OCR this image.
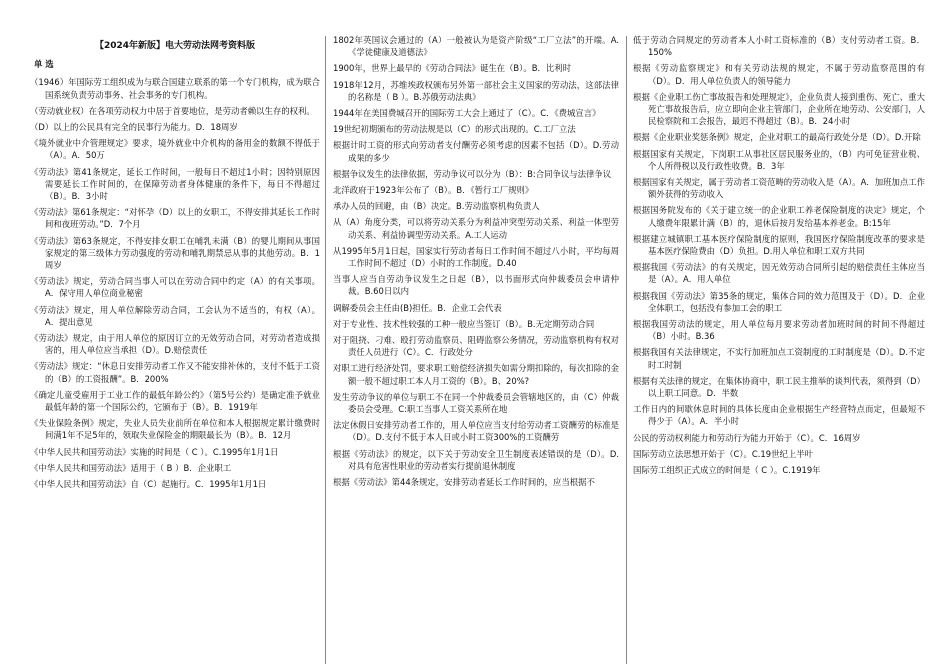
【2024年新版】电大劳动法网考资料版
单 选

（1946）年国际劳工组织成为与联合国建立联系的第一个专门机构，成为联合国系统负责劳动事务、社会事务的专门机构。

（劳动就业权）在各项劳动权力中居于首要地位，是劳动者赖以生存的权利。

（D）以上的公民具有完全的民事行为能力。D．18周岁

《境外就业中介管理规定》要求，境外就业中介机构的备用金的数额不得低于（A）。A．50万

《劳动法》第41条规定，延长工作时间，一般每日不超过1小时；因特别原因需要延长工作时间的，在保障劳动者身体健康的条件下，每日不得超过（B）。B．3小时

《劳动法》第61条规定：“对怀孕（D）以上的女职工，不得安排其延长工作时间和夜班劳动。”D．7个月

《劳动法》第63条规定，不得安排女职工在哺乳未满（B）的婴儿期间从事国家规定的第三级体力劳动强度的劳动和哺乳期禁忌从事的其他劳动。B．1周岁

《劳动法》规定，劳动合同当事人可以在劳动合同中约定（A）的有关事项。A．保守用人单位商业秘密

《劳动法》规定，用人单位解除劳动合同，工会认为不适当的，有权（A）。A．提出意见

《劳动法》规定，由于用人单位的原因订立的无效劳动合同，对劳动者造成损害的，用人单位应当承担（D）。D.赔偿责任

《劳动法》规定：“休息日安排劳动者工作又不能安排补休的，支付不低于工资的（B）的工资报酬”。B．200%

《确定儿童受雇用于工业工作的最低年龄公约》（第5号公约）是确定准予就业最低年龄的第一个国际公约，它颁布于（B）。B．1919年

《失业保险条例》规定，失业人员失业前所在单位和本人根据规定累计缴费时间满1年不足5年的，领取失业保险金的期限最长为（B）。B．12月

《中华人民共和国劳动法》实施的时间是（ C ）。C.1995年1月1日

《中华人民共和国劳动法》适用于（ B ）B．企业职工

《中华人民共和国劳动法》自（C）起施行。C．1995年1月1日

1802年英国议会通过的（A）一般被认为是资产阶级“工厂立法”的开端。A.《学徒健康及道德法》

1900年，世界上最早的《劳动合同法》诞生在（B）。B．比利时

1918年12月，苏维埃政权颁布另外第一部社会主义国家的劳动法，这部法律的名称是（ B ）。B.苏俄劳动法典》

1944年在美国费城召开的国际劳工大会上通过了（C）。C．《费城宣言》

19世纪初期颁布的劳动法规是以（C）的形式出现的。C.工厂立法

根据计时工资的形式向劳动者支付酬劳必须考虑的因素不包括（D）。D.劳动成果的多少

根据争议发生的法律依据，劳动争议可以分为（B）：B:合同争议与法律争议

北洋政府于1923年公布了（B）。B．《暂行工厂规则》

承办人员的回避，由（B）决定。B.劳动监察机构负责人

从（A）角度分类，可以将劳动关系分为利益冲突型劳动关系、利益一体型劳动关系、利益协调型劳动关系。A.工人运动

从1995年5月1日起，国家实行劳动者每日工作时间不超过八小时，平均每周工作时间不超过（D）小时的工作制度。D.40

当事人应当自劳动争议发生之日起（B），以书面形式向仲裁委员会申请仲裁。B.60日以内

调解委员会主任由(B)担任。B．企业工会代表

对于专业性、技术性较强的工种一般应当签订（B）。B.无定期劳动合同

对于阻挠、刁难、殴打劳动监察员、阻碍监察公务情况，劳动监察机构有权对责任人员进行（C）。C．行政处分

对职工进行经济处罚，要求职工赔偿经济损失如需分期扣除的，每次扣除的金额一般不超过职工本人月工资的（B）。B、20%?

发生劳动争议的单位与职工不在同一个仲裁委员会管辖地区的，由（C）仲裁委员会受理。C:职工当事人工资关系所在地

法定休假日安排劳动者工作的，用人单位应当支付给劳动者工资酬劳的标准是（D）。D.支付不低于本人日或小时工资300%的工资酬劳

根据《劳动法》的规定，以下关于劳动安全卫生制度表述错误的是（D）。D.对具有危害性职业的劳动者实行提前退休制度

根据《劳动法》第44条规定，安排劳动者延长工作时间的，应当根据不

低于劳动合同规定的劳动者本人小时工资标准的（B）支付劳动者工资。B．150%

根据《劳动监察规定》和有关劳动法规的规定，不属于劳动监察范围的有（D）。D．用人单位负责人的领导能力

根据《企业职工伤亡事故报告和处理规定》，企业负责人接到重伤、死亡、重大死亡事故报告后，应立即向企业主管部门，企业所在地劳动、公安部门，人民检察院和工会报告，最迟不得超过（B）。B．24小时

根据《企业职业奖惩条例》规定，企业对职工的最高行政处分是（D）。D.开除

根据国家有关规定，下岗职工从事社区居民服务业的，（B）内可免征营业税、个人所得税以及行政性收费。B．3年

根据国家有关规定，属于劳动者工资范畴的劳动收入是（A）。A．加班加点工作额外获得的劳动收入

根据国务院发布的《关于建立统一的企业职工养老保险制度的决定》规定，个人缴费年限累计满（B）的，退休后按月发给基本养老金。B:15年

根据建立城镇职工基本医疗保险制度的原则，我国医疗保险制度改革的要求是基本医疗保险费由（D）负担。D.用人单位和职工双方共同

根据我国《劳动法》的有关规定，因无效劳动合同所引起的赔偿责任主体应当是（A）。A．用人单位

根据我国《劳动法》第35条的规定，集体合同的效力范围及于（D）。D．企业全体职工，包括没有参加工会的职工

根据我国劳动法的规定，用人单位每月要求劳动者加班时间的时间不得超过（B）小时。B.36

根据我国有关法律规定，不实行加班加点工资制度的工时制度是（D）。D.不定时工时制

根据有关法律的规定，在集体协商中，职工民主推举的谈判代表，须得到（D）以上职工同意。D．半数

工作日内的间歇休息时间的具体长度由企业根据生产经营特点而定，但最短不得少于（A）。A．半小时

公民的劳动权利能力和劳动行为能力开始于（C）。C．16周岁

国际劳动立法思想开始于（C）。C.19世纪上半叶

国际劳工组织正式成立的时间是（ C ）。C.1919年
